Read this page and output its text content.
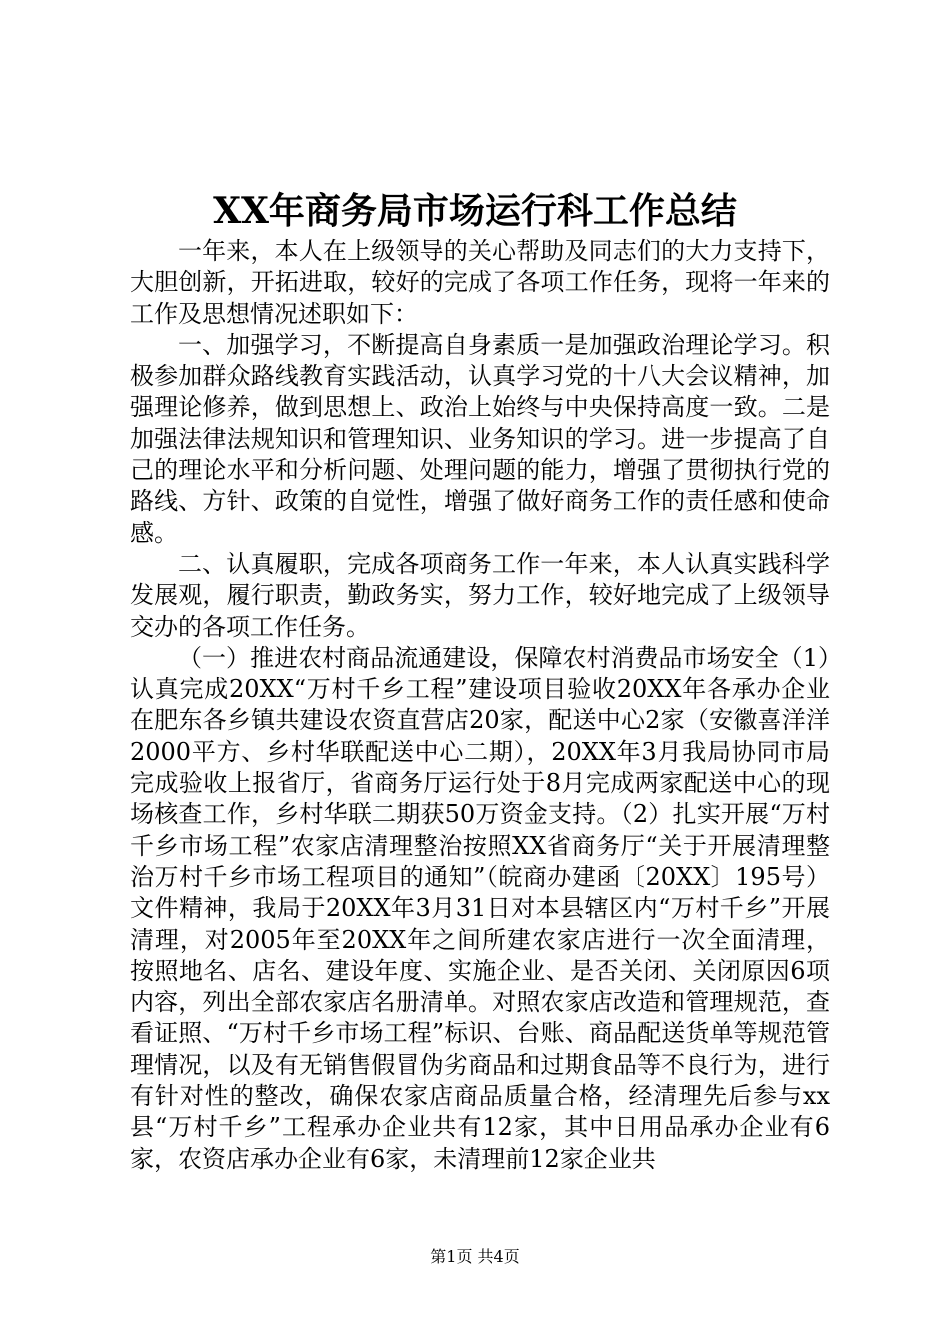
XX年商务局市场运行科工作总结

一年来，本人在上级领导的关心帮助及同志们的大力支持下，大胆创新，开拓进取，较好的完成了各项工作任务，现将一年来的工作及思想情况述职如下：

一、加强学习，不断提高自身素质一是加强政治理论学习。积极参加群众路线教育实践活动，认真学习党的十八大会议精神，加强理论修养，做到思想上、政治上始终与中央保持高度一致。二是加强法律法规知识和管理知识、业务知识的学习。进一步提高了自己的理论水平和分析问题、处理问题的能力，增强了贯彻执行党的路线、方针、政策的自觉性，增强了做好商务工作的责任感和使命感。

二、认真履职，完成各项商务工作一年来，本人认真实践科学发展观，履行职责，勤政务实，努力工作，较好地完成了上级领导交办的各项工作任务。

（一）推进农村商品流通建设，保障农村消费品市场安全（1）认真完成20XX“万村千乡工程”建设项目验收20XX年各承办企业在肥东各乡镇共建设农资直营店20家，配送中心2家（安徽喜洋洋2000平方、乡村华联配送中心二期），20XX年3月我局协同市局完成验收上报省厅，省商务厅运行处于8月完成两家配送中心的现场核查工作，乡村华联二期获50万资金支持。（2）扎实开展“万村千乡市场工程”农家店清理整治按照XX省商务厅“关于开展清理整治万村千乡市场工程项目的通知”（皖商办建函〔20XX〕195号）文件精神，我局于20XX年3月31日对本县辖区内“万村千乡”开展清理，对2005年至20XX年之间所建农家店进行一次全面清理，按照地名、店名、建设年度、实施企业、是否关闭、关闭原因6项内容，列出全部农家店名册清单。对照农家店改造和管理规范，查看证照、“万村千乡市场工程”标识、台账、商品配送货单等规范管理情况，以及有无销售假冒伪劣商品和过期食品等不良行为，进行有针对性的整改，确保农家店商品质量合格，经清理先后参与xx县“万村千乡”工程承办企业共有12家，其中日用品承办企业有6家，农资店承办企业有6家，未清理前12家企业共

第1页 共4页
